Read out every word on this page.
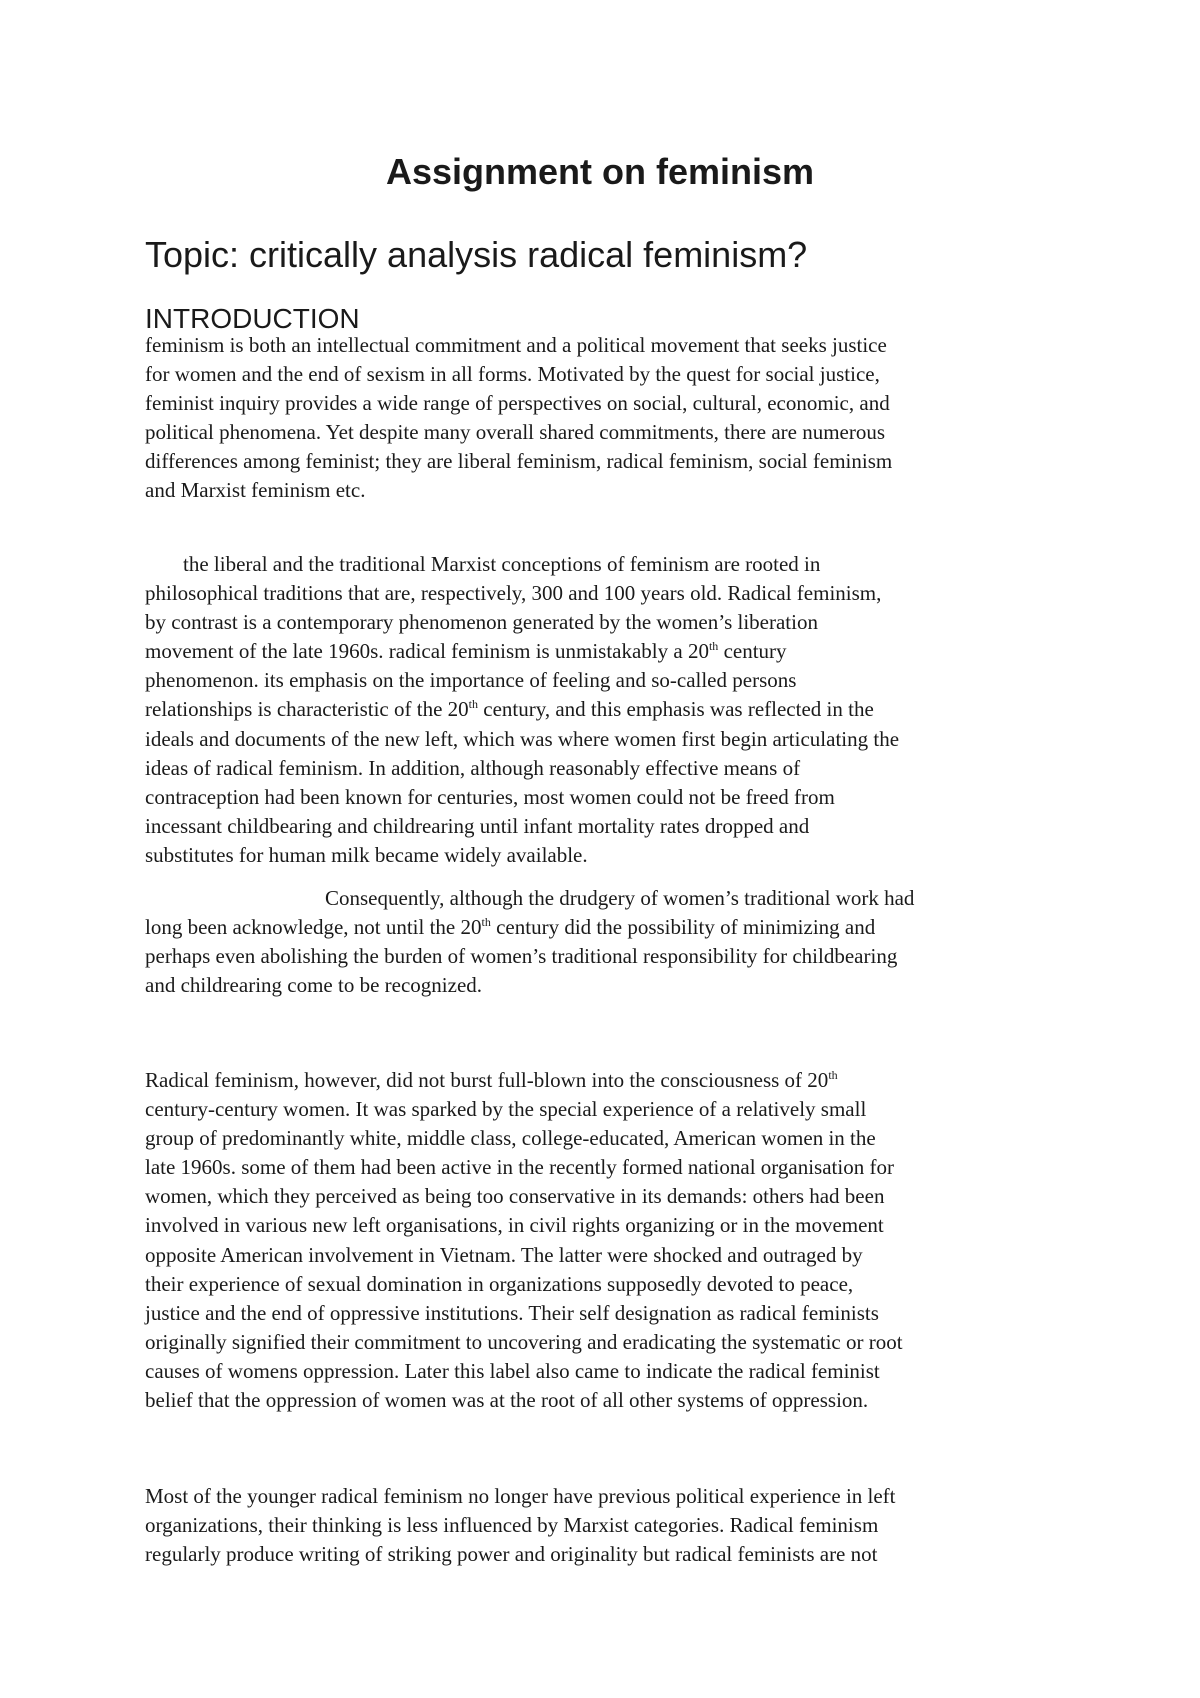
Assignment on feminism
Topic: critically analysis radical feminism?
INTRODUCTION

feminism is both an intellectual commitment and a political movement that seeks justice
for women and the end of sexism in all forms. Motivated by the quest for social justice,
feminist inquiry provides a wide range of perspectives on social, cultural, economic, and
political phenomena. Yet despite many overall shared commitments, there are numerous
differences among feminist; they are liberal feminism, radical feminism, social feminism
and Marxist feminism etc.

the liberal and the traditional Marxist conceptions of feminism are rooted in
philosophical traditions that are, respectively, 300 and 100 years old. Radical feminism,
by contrast is a contemporary phenomenon generated by the women’s liberation
movement of the late 1960s. radical feminism is unmistakably a 20th century
phenomenon. its emphasis on the importance of feeling and so-called persons
relationships is characteristic of the 20th century, and this emphasis was reflected in the
ideals and documents of the new left, which was where women first begin articulating the
ideas of radical feminism. In addition, although reasonably effective means of
contraception had been known for centuries, most women could not be freed from
incessant childbearing and childrearing until infant mortality rates dropped and
substitutes for human milk became widely available.

Consequently, although the drudgery of women’s traditional work had
long been acknowledge, not until the 20th century did the possibility of minimizing and
perhaps even abolishing the burden of women’s traditional responsibility for childbearing
and childrearing come to be recognized.

Radical feminism, however, did not burst full-blown into the consciousness of 20th
century-century women. It was sparked by the special experience of a relatively small
group of predominantly white, middle class, college-educated, American women in the
late 1960s. some of them had been active in the recently formed national organisation for
women, which they perceived as being too conservative in its demands: others had been
involved in various new left organisations, in civil rights organizing or in the movement
opposite American involvement in Vietnam. The latter were shocked and outraged by
their experience of sexual domination in organizations supposedly devoted to peace,
justice and the end of oppressive institutions. Their self designation as radical feminists
originally signified their commitment to uncovering and eradicating the systematic or root
causes of womens oppression. Later this label also came to indicate the radical feminist
belief that the oppression of women was at the root of all other systems of oppression.

Most of the younger radical feminism no longer have previous political experience in left
organizations, their thinking is less influenced by Marxist categories. Radical feminism
regularly produce writing of striking power and originality but radical feminists are not
